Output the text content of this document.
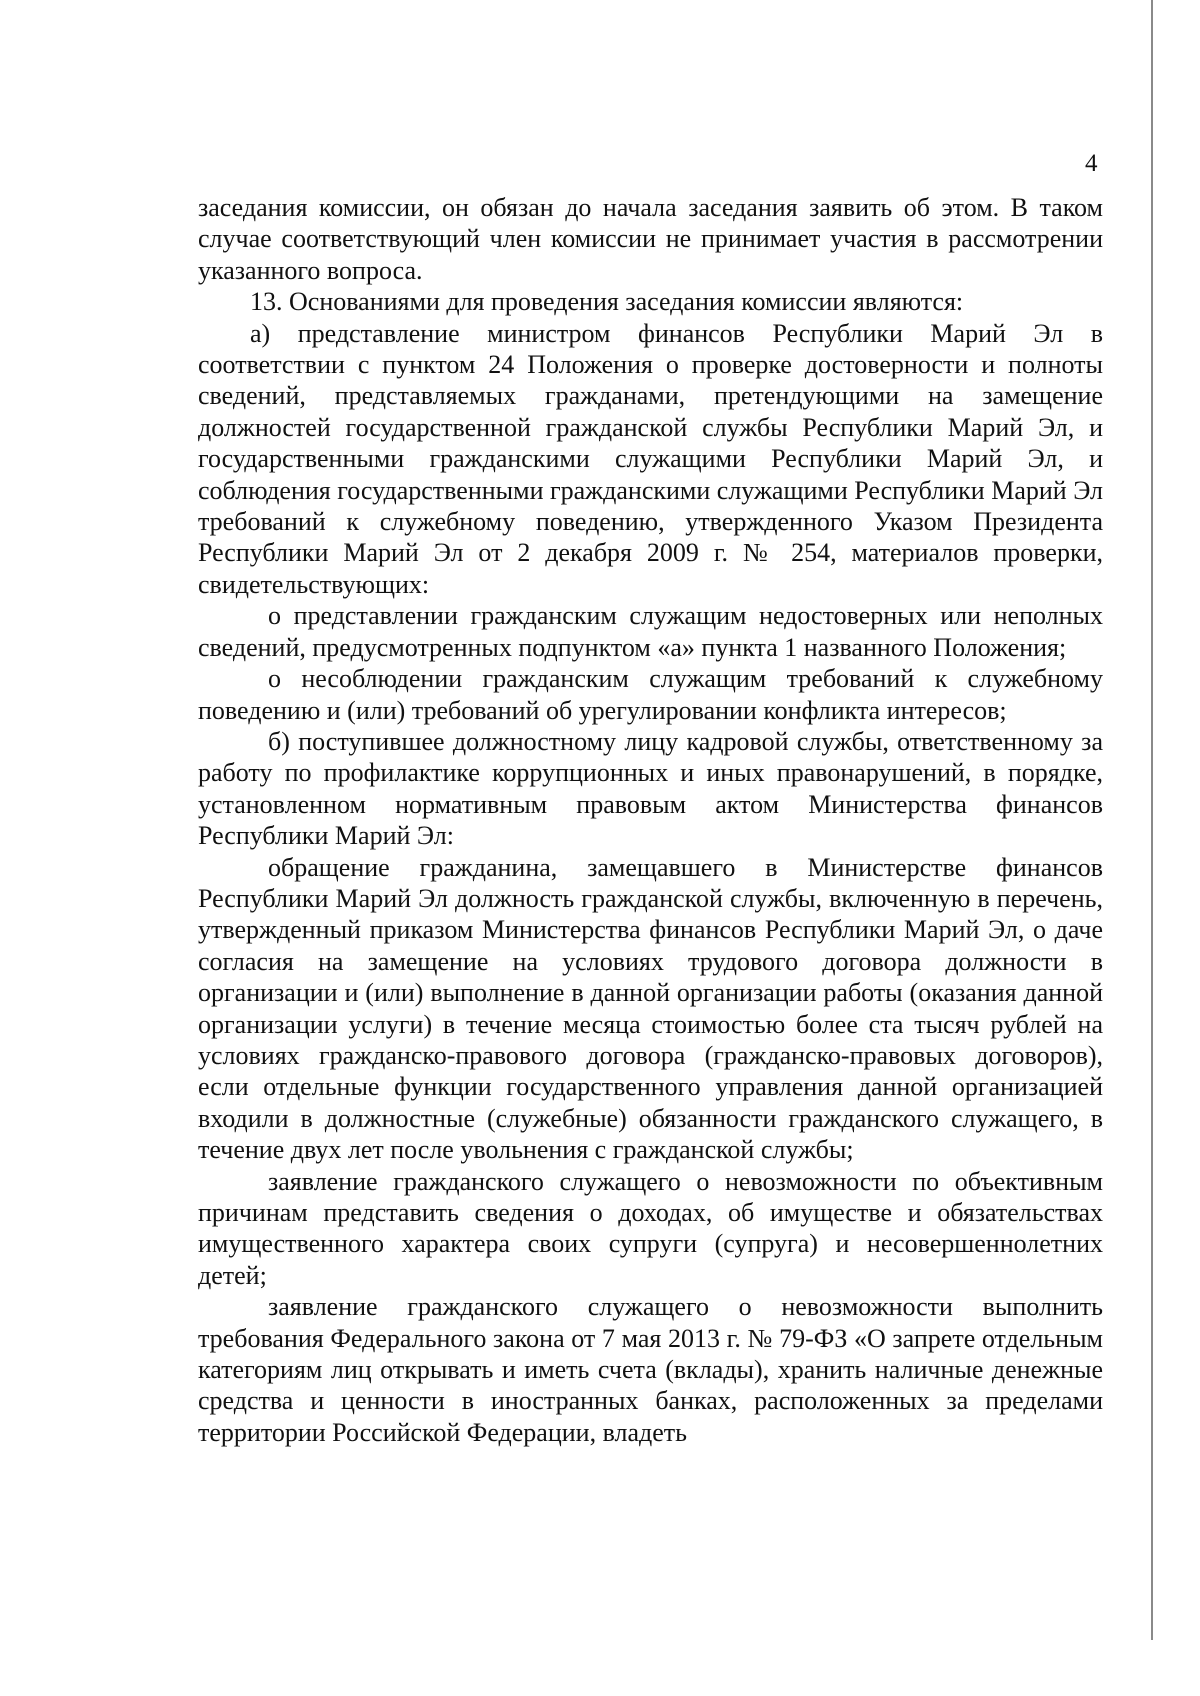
4

заседания комиссии, он обязан до начала заседания заявить об этом. В таком случае соответствующий член комиссии не принимает участия в рассмотрении указанного вопроса.

13. Основаниями для проведения заседания комиссии являются:

а) представление министром финансов Республики Марий Эл в соответствии с пунктом 24 Положения о проверке достоверности и полноты сведений, представляемых гражданами, претендующими на замещение должностей государственной гражданской службы Республики Марий Эл, и государственными гражданскими служащими Республики Марий Эл, и соблюдения государственными гражданскими служащими Республики Марий Эл требований к служебному поведению, утвержденного Указом Президента Республики Марий Эл от 2 декабря 2009 г. № 254, материалов проверки, свидетельствующих:

о представлении гражданским служащим недостоверных или неполных сведений, предусмотренных подпунктом «а» пункта 1 названного Положения;

о несоблюдении гражданским служащим требований к служебному поведению и (или) требований об урегулировании конфликта интересов;

б) поступившее должностному лицу кадровой службы, ответственному за работу по профилактике коррупционных и иных правонарушений, в порядке, установленном нормативным правовым актом Министерства финансов Республики Марий Эл:

обращение гражданина, замещавшего в Министерстве финансов Республики Марий Эл должность гражданской службы, включенную в перечень, утвержденный приказом Министерства финансов Республики Марий Эл, о даче согласия на замещение на условиях трудового договора должности в организации и (или) выполнение в данной организации работы (оказания данной организации услуги) в течение месяца стоимостью более ста тысяч рублей на условиях гражданско-правового договора (гражданско-правовых договоров), если отдельные функции государственного управления данной организацией входили в должностные (служебные) обязанности гражданского служащего, в течение двух лет после увольнения с гражданской службы;

заявление гражданского служащего о невозможности по объективным причинам представить сведения о доходах, об имуществе и обязательствах имущественного характера своих супруги (супруга) и несовершеннолетних детей;

заявление гражданского служащего о невозможности выполнить требования Федерального закона от 7 мая 2013 г. № 79-ФЗ «О запрете отдельным категориям лиц открывать и иметь счета (вклады), хранить наличные денежные средства и ценности в иностранных банках, расположенных за пределами территории Российской Федерации, владеть
